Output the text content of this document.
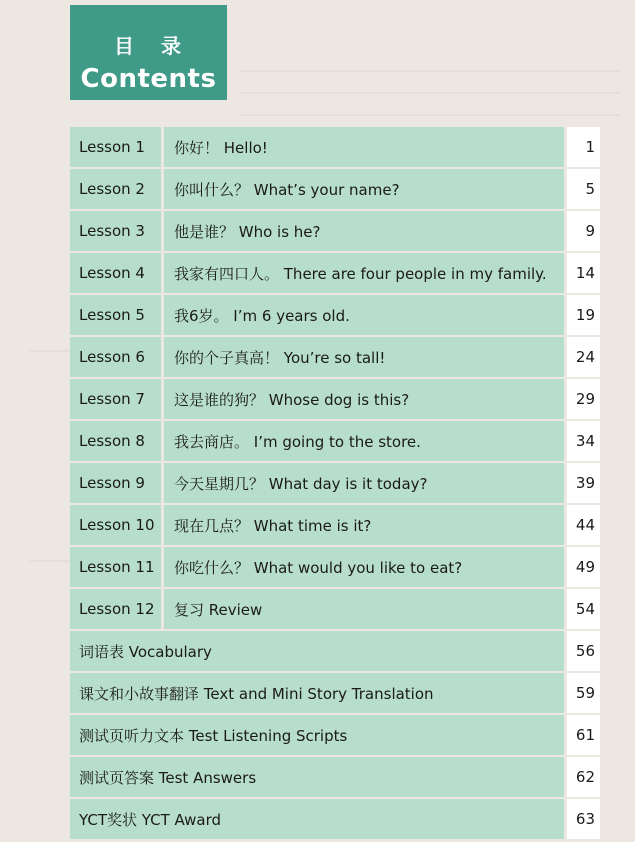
目 录
Contents
Lesson 1	你好！ Hello!	1
Lesson 2	你叫什么？ What’s your name?	5
Lesson 3	他是谁？ Who is he?	9
Lesson 4	我家有四口人。 There are four people in my family.	14
Lesson 5	我6岁。 I’m 6 years old.	19
Lesson 6	你的个子真高！ You’re so tall!	24
Lesson 7	这是谁的狗？ Whose dog is this?	29
Lesson 8	我去商店。 I’m going to the store.	34
Lesson 9	今天星期几？ What day is it today?	39
Lesson 10	现在几点？ What time is it?	44
Lesson 11	你吃什么？ What would you like to eat?	49
Lesson 12	复习 Review	54
词语表 Vocabulary	56
课文和小故事翻译 Text and Mini Story Translation	59
测试页听力文本 Test Listening Scripts	61
测试页答案 Test Answers	62
YCT奖状 YCT Award	63
